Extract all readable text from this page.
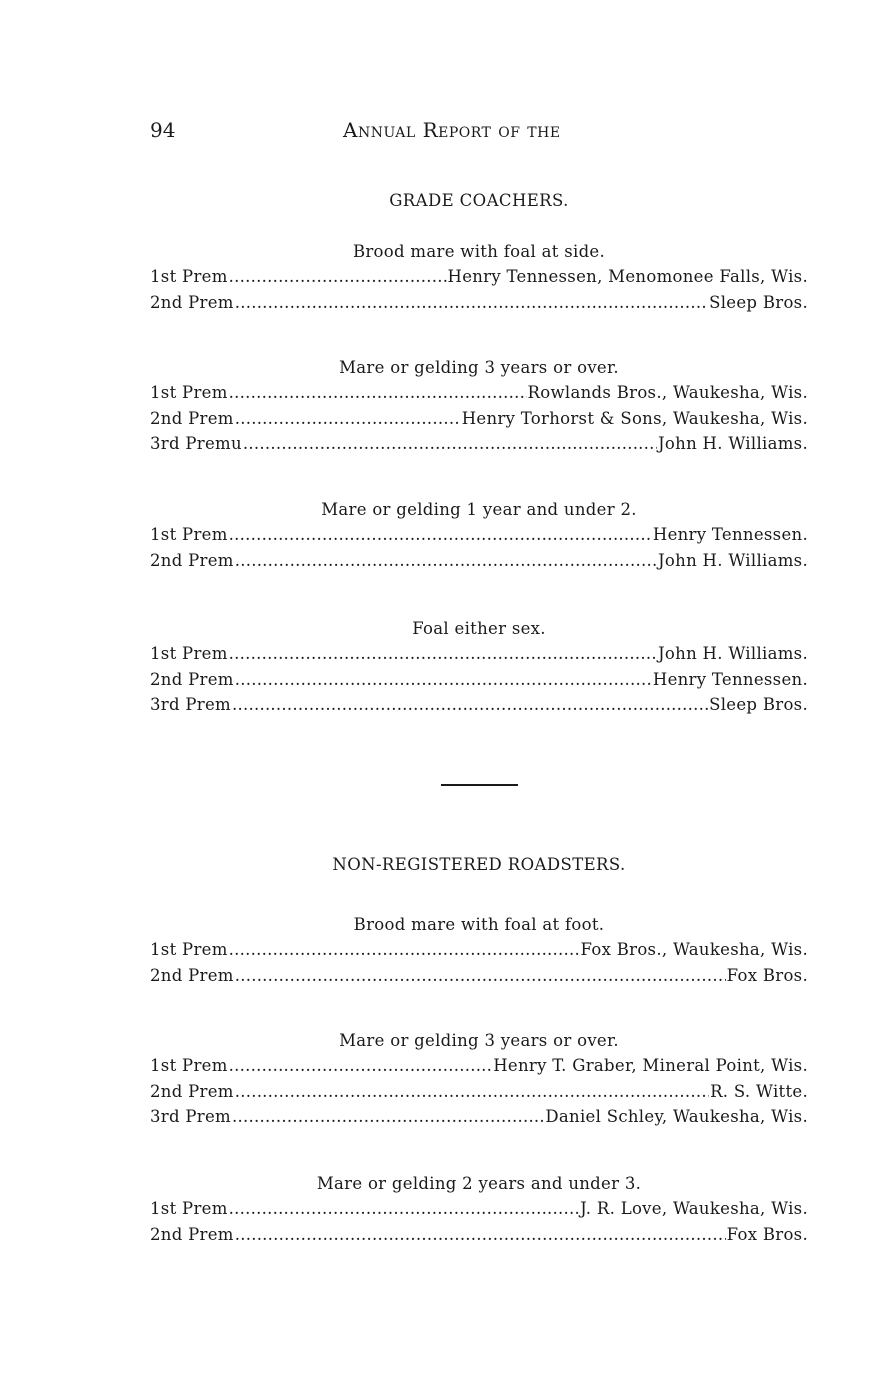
94	Annual Report of the
GRADE COACHERS.
Brood mare with foal at side.
1st Prem . . .	Henry Tennessen, Menomonee Falls, Wis.
2nd Prem . . .	Sleep Bros.
Mare or gelding 3 years or over.
1st Prem . . .	Rowlands Bros., Waukesha, Wis.
2nd Prem . . .	Henry Torhorst & Sons, Waukesha, Wis.
3rd Premu . . .	John H. Williams.
Mare or gelding 1 year and under 2.
1st Prem . . .	Henry Tennessen.
2nd Prem . . .	John H. Williams.
Foal either sex.
1st Prem . . .	John H. Williams.
2nd Prem . . .	Henry Tennessen.
3rd Prem . . .	Sleep Bros.
NON-REGISTERED ROADSTERS.
Brood mare with foal at foot.
1st Prem . . .	Fox Bros., Waukesha, Wis.
2nd Prem . . .	Fox Bros.
Mare or gelding 3 years or over.
1st Prem . . .	Henry T. Graber, Mineral Point, Wis.
2nd Prem . . .	R. S. Witte.
3rd Prem . . .	Daniel Schley, Waukesha, Wis.
Mare or gelding 2 years and under 3.
1st Prem . . .	J. R. Love, Waukesha, Wis.
2nd Prem . . .	Fox Bros.
